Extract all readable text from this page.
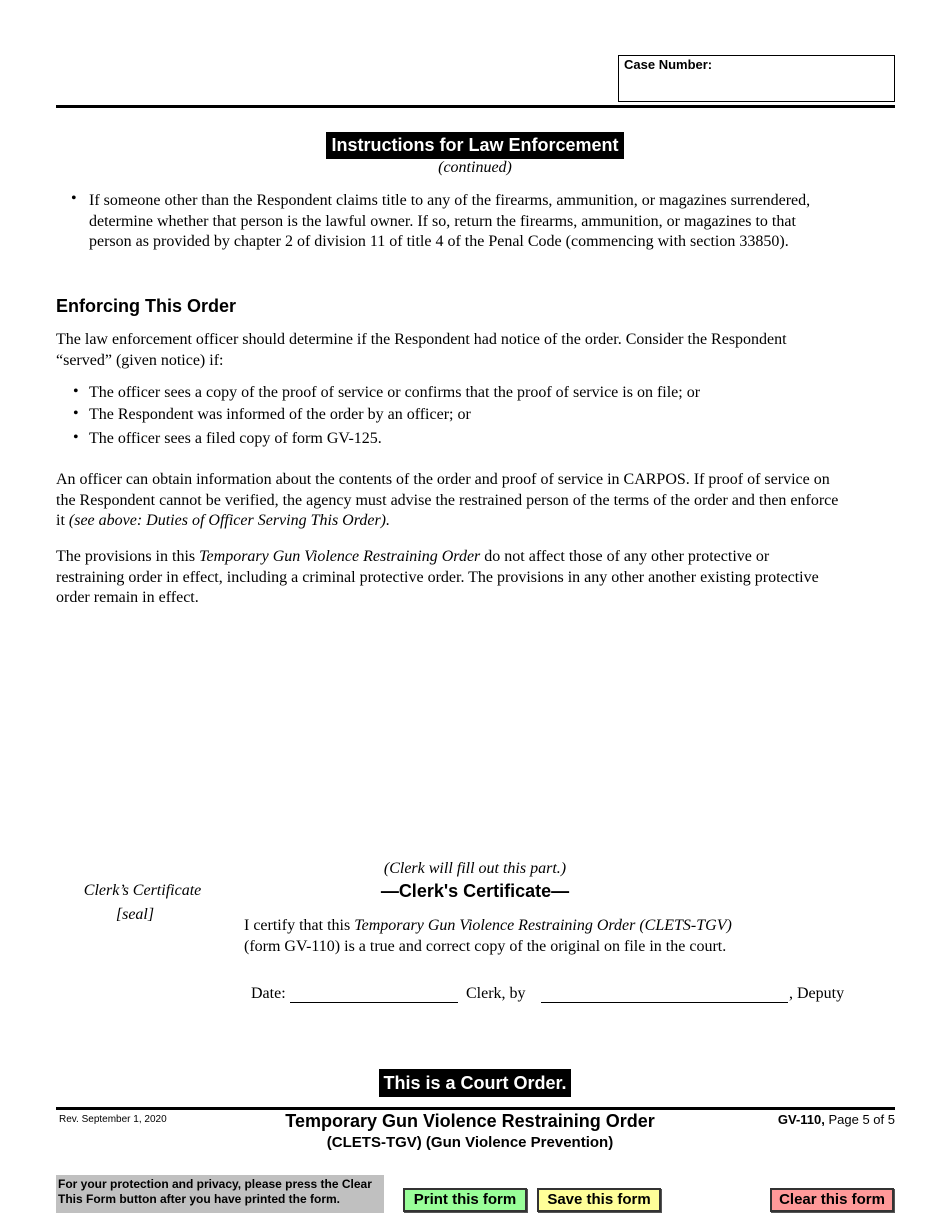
Case Number:
Instructions for Law Enforcement
(continued)
• If someone other than the Respondent claims title to any of the firearms, ammunition, or magazines surrendered,
determine whether that person is the lawful owner. If so, return the firearms, ammunition, or magazines to that
person as provided by chapter 2 of division 11 of title 4 of the Penal Code (commencing with section 33850).
Enforcing This Order
The law enforcement officer should determine if the Respondent had notice of the order. Consider the Respondent
“served” (given notice) if:
• The officer sees a copy of the proof of service or confirms that the proof of service is on file; or
• The Respondent was informed of the order by an officer; or
• The officer sees a filed copy of form GV-125.
An officer can obtain information about the contents of the order and proof of service in CARPOS. If proof of service on
the Respondent cannot be verified, the agency must advise the restrained person of the terms of the order and then enforce
it (see above: Duties of Officer Serving This Order).
The provisions in this Temporary Gun Violence Restraining Order do not affect those of any other protective or
restraining order in effect, including a criminal protective order. The provisions in any other another existing protective
order remain in effect.
Clerk’s Certificate
[seal]
(Clerk will fill out this part.)
—Clerk's Certificate—
I certify that this Temporary Gun Violence Restraining Order (CLETS-TGV)
(form GV-110) is a true and correct copy of the original on file in the court.
Date:	Clerk, by	, Deputy
This is a Court Order.
Rev. September 1, 2020	Temporary Gun Violence Restraining Order
(CLETS-TGV) (Gun Violence Prevention)
GV-110, Page 5 of 5
For your protection and privacy, please press the Clear This Form button after you have printed the form.	Print this form	Save this form	Clear this form
